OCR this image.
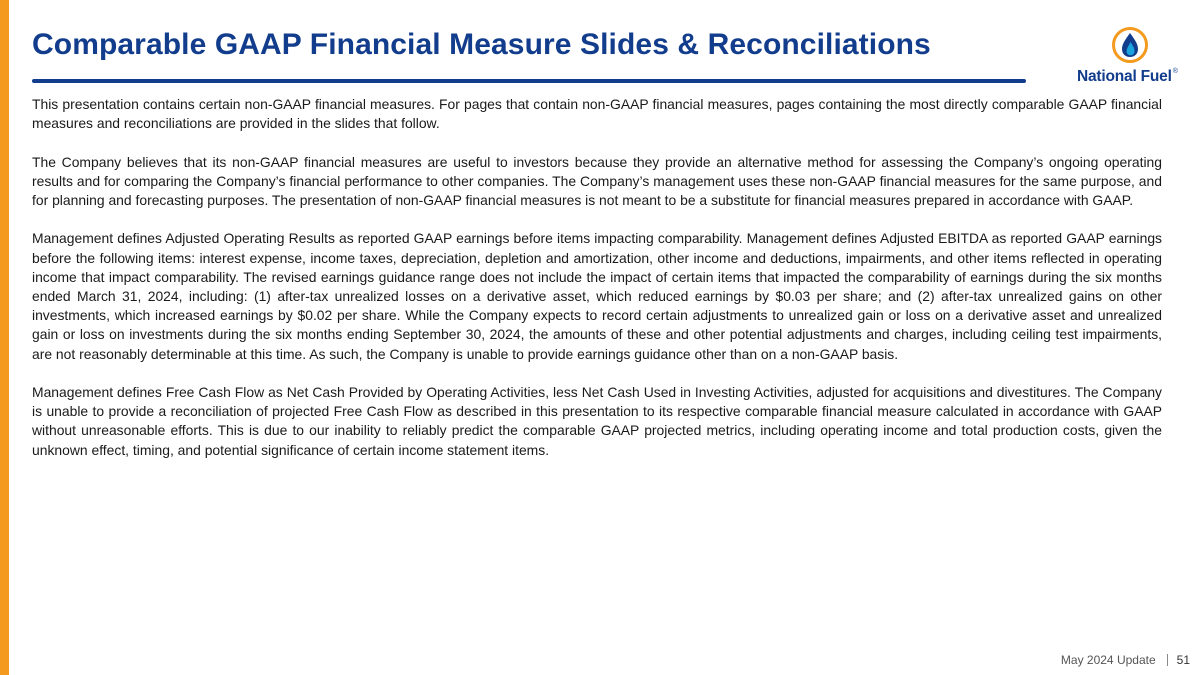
Comparable GAAP Financial Measure Slides & Reconciliations
National Fuel®

This presentation contains certain non-GAAP financial measures. For pages that contain non-GAAP financial measures, pages containing the most directly comparable GAAP financial measures and reconciliations are provided in the slides that follow.

The Company believes that its non-GAAP financial measures are useful to investors because they provide an alternative method for assessing the Company’s ongoing operating results and for comparing the Company’s financial performance to other companies. The Company’s management uses these non-GAAP financial measures for the same purpose, and for planning and forecasting purposes. The presentation of non-GAAP financial measures is not meant to be a substitute for financial measures prepared in accordance with GAAP.

Management defines Adjusted Operating Results as reported GAAP earnings before items impacting comparability. Management defines Adjusted EBITDA as reported GAAP earnings before the following items: interest expense, income taxes, depreciation, depletion and amortization, other income and deductions, impairments, and other items reflected in operating income that impact comparability. The revised earnings guidance range does not include the impact of certain items that impacted the comparability of earnings during the six months ended March 31, 2024, including: (1) after-tax unrealized losses on a derivative asset, which reduced earnings by $0.03 per share; and (2) after-tax unrealized gains on other investments, which increased earnings by $0.02 per share. While the Company expects to record certain adjustments to unrealized gain or loss on a derivative asset and unrealized gain or loss on investments during the six months ending September 30, 2024, the amounts of these and other potential adjustments and charges, including ceiling test impairments, are not reasonably determinable at this time. As such, the Company is unable to provide earnings guidance other than on a non-GAAP basis.

Management defines Free Cash Flow as Net Cash Provided by Operating Activities, less Net Cash Used in Investing Activities, adjusted for acquisitions and divestitures. The Company is unable to provide a reconciliation of projected Free Cash Flow as described in this presentation to its respective comparable financial measure calculated in accordance with GAAP without unreasonable efforts. This is due to our inability to reliably predict the comparable GAAP projected metrics, including operating income and total production costs, given the unknown effect, timing, and potential significance of certain income statement items.

May 2024 Update 51
